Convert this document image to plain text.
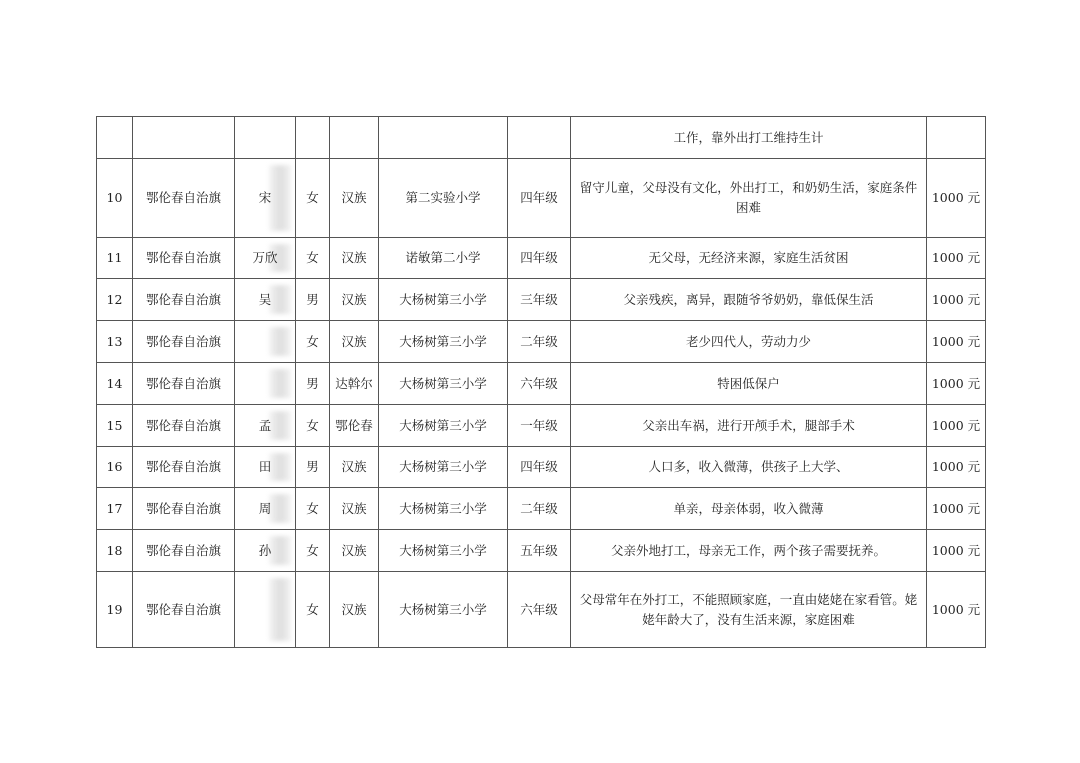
							工作，靠外出打工维持生计	
10	鄂伦春自治旗	宋	女	汉族	第二实验小学	四年级	留守儿童，父母没有文化，外出打工，和奶奶生活，家庭条件困难	1000 元
11	鄂伦春自治旗	万欣	女	汉族	诺敏第二小学	四年级	无父母，无经济来源，家庭生活贫困	1000 元
12	鄂伦春自治旗	吴	男	汉族	大杨树第三小学	三年级	父亲残疾，离异，跟随爷爷奶奶，靠低保生活	1000 元
13	鄂伦春自治旗		女	汉族	大杨树第三小学	二年级	老少四代人，劳动力少	1000 元
14	鄂伦春自治旗		男	达斡尔	大杨树第三小学	六年级	特困低保户	1000 元
15	鄂伦春自治旗	孟	女	鄂伦春	大杨树第三小学	一年级	父亲出车祸，进行开颅手术，腿部手术	1000 元
16	鄂伦春自治旗	田	男	汉族	大杨树第三小学	四年级	人口多，收入微薄，供孩子上大学、	1000 元
17	鄂伦春自治旗	周	女	汉族	大杨树第三小学	二年级	单亲，母亲体弱，收入微薄	1000 元
18	鄂伦春自治旗	孙	女	汉族	大杨树第三小学	五年级	父亲外地打工，母亲无工作，两个孩子需要抚养。	1000 元
19	鄂伦春自治旗		女	汉族	大杨树第三小学	六年级	父母常年在外打工，不能照顾家庭，一直由姥姥在家看管。姥姥年龄大了，没有生活来源，家庭困难	1000 元
